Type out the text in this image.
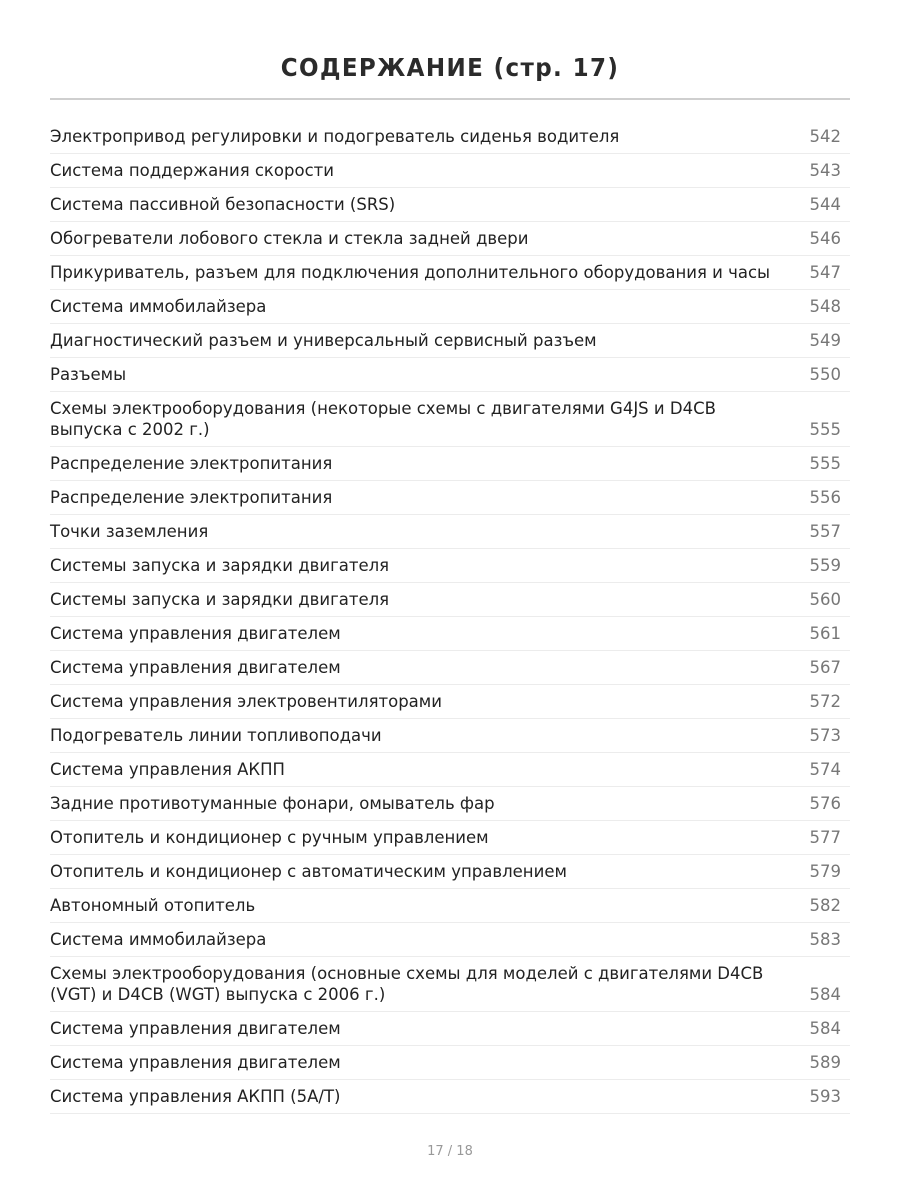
СОДЕРЖАНИЕ (стр. 17)
Электропривод регулировки и подогреватель сиденья водителя	542
Система поддержания скорости	543
Система пассивной безопасности (SRS)	544
Обогреватели лобового стекла и стекла задней двери	546
Прикуриватель, разъем для подключения дополнительного оборудования и часы	547
Система иммобилайзера	548
Диагностический разъем и универсальный сервисный разъем	549
Разъемы	550
Схемы электрооборудования (некоторые схемы с двигателями G4JS и D4CB выпуска с 2002 г.)	555
Распределение электропитания	555
Распределение электропитания	556
Точки заземления	557
Системы запуска и зарядки двигателя	559
Системы запуска и зарядки двигателя	560
Система управления двигателем	561
Система управления двигателем	567
Система управления электровентиляторами	572
Подогреватель линии топливоподачи	573
Система управления АКПП	574
Задние противотуманные фонари, омыватель фар	576
Отопитель и кондиционер с ручным управлением	577
Отопитель и кондиционер с автоматическим управлением	579
Автономный отопитель	582
Система иммобилайзера	583
Схемы электрооборудования (основные схемы для моделей с двигателями D4CB (VGT) и D4CB (WGT) выпуска с 2006 г.)	584
Система управления двигателем	584
Система управления двигателем	589
Система управления АКПП (5А/Т)	593
17 / 18
